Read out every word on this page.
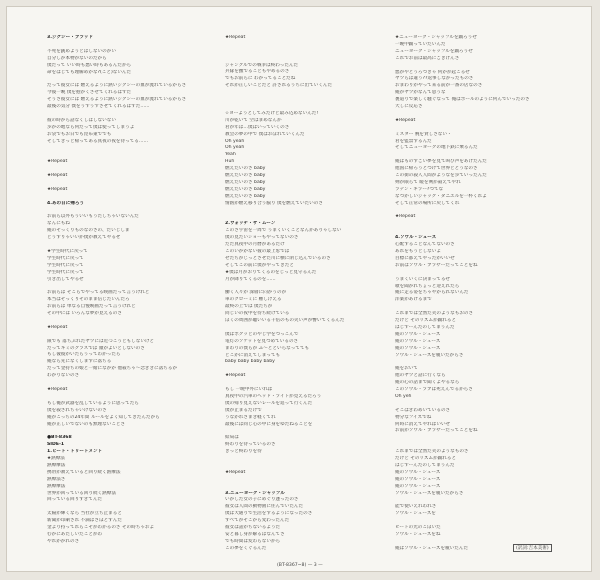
3.ジグシー・ブラッド
不死を銃めようとはしないのかい
自分しか本物がないのだから
僕だって いい時も悪い時もあるんだから
命をはじても理解めかな?(こと)ないんだ
だって彼女には 燃えるように熱いジグシーの血が流れているからさ
今彼一晩 僕を抱かくさせてくれるはずだ
そうさ彼女には 燃えるように熱いジグシーの血が流れているからさ
最後の気分 僕をうずうずさせてくれるはずだ……
彼の時から話なくしはしないない
歩かの地なら何だって僕は使ってしまうよ
お袋でもお日でも昆布東ででも
そしてきっと帰ってある真夜の夜を待ってる……
★Repeat
★Repeat
★Repeat
4.あの日に帰ろう
お前ら以外もういいもうたしちゃいないんだ
なんにもね
俺のそっくりものなのさの、だいじしま
どうすりゃいいか僕が教えてやるぜ
★学生時代に戻って
学生時代に戻って
学生時代に戻って
学生時代に戻って
引き出してやるぜ
お前らは そこらでやってる映画だって言うけれど
本当はそっくりそのまま信じたいんだろ
お前らは 単なる自慢映画だって言うけれど
その中には いろんな夢が見えるのさ
★Repeat
限でも 落ちぶれたヤツには近づこうともしないけど
だってキミのクラスでは 頭がよいとしないのさ
もし彼彼がいたらうってわかったら
俺なら先になくしますに落ちる
だって金持ちの娘と一緒になかか 他殺ちゃ～恋ぎきに落ちるか
わかりないのさ
★Repeat
もし俺が武器を乱しているように思ってたら
僕を殺されちゃいけないのさ
俺がこっちの24年間 ルールをよく知してきたんだから
俺が正しいでないのも無理ないことさ
●BT-8368
SIDE-1
1.ヒート・トリートメント
★熱療法
熱療療法
携帯が教えていると回り続く熱療法
熱療法さ
熱療療法
世界が回っている回り続く熱療法
回っている回りすぎてんだ
太陽が輝くなら 当社が立ち止まると
新聞が印刷され 不満はさほどすんだ
金より持ってれらこそがわかるのさ その時ちゃおよ
むかにあたしいたことがわ
やれかかれのさ
★Repeat
ジャングルでの戦争は終わったんだ
兵隊を撫でることもやめるのさ
でもお前らに わかってることだね
それが正しいことだと 許されるうちに出ていくんだ
☆ヨーようとしてみたけど最み込めないんだ!
川が乾いて 空はまめなんか
君が年は…僕はいっていくのさ
教会の夢の中で 僕はおぼれていくんだ
Oh yeah
Oh yeah
Yeah
Huh
燃えたいのさ baby
燃えたいのさ baby
燃えたいのさ baby
燃えたいのさ baby
燃えたいのさ baby
情熱が燃え移り合う脇り 僕を燃えていたいのさ
2.ウォッチ・ザ・ムーン
このさ宇宙を一周で うまくいくことなんかありゃしない
僕の見たいショーもやってないのさ
ただ真夜中の月暦があるだけ
このいかかない彼の最上窓では
せたちがじっとさせた川に横に閉じ込んでいるのさ
そしてこの前に僕がやってきたと
★僕は月がおりてくるのをじっと見守るんだ
月が降りてくるのを……
働く人々が 深層に向かうのが
車のクローミに 難しげえる
最終の上では 僕たちが
同じいの夜中を待ち続けている
ぼくの周囲が聴いいる千倍のもの笑い声が響いてくるんだ
僕はボクッとのやじ学をつっこんで
電灯のソケットを見つめているのさ
まわりの僕らが ふ～とといらなってても
どこかに消えてしまっても
baby baby baby baby
★Repeat
もし 一晩中外にいれば
真夜中の汽車のヘッド・ライトが見えるだろう
僕の帰り見えないレールを追って行くんだ
僕が止まるだけで
うなかれさまき軽くてれ
最後には同じ心の中に身をゆだねることを
結局は
終わりを待っているのさ
きっと終わりを待
★Repeat
3.ニューヨーク・シャッフル
いかした女の子にめぐり逢ったのさ
彼女は人間の動物園に住んでいたんだ
僕は大通りで生活をするようになったのさ
すべてがそこから変わったんだ
彼女は話がちないるようだ
安と暮し身が解るはなんてさ
でも時間は変わらないから
この夢をくぐるんだ
★ニューヨーク・シャッフルを踊ろうぜ
一晩中踊っていたいんだ
ニューヨーク・シャッフルを踊ろうぜ
これでお前は最高にごきげんさ
悪がやとうろつきゃ 何かが起こるぜ
ヤツらは違う??返事しなかったものさ
おまわりがやって来る前が一番の店なのさ
俺がヤツがなんて思うな
裏道りで楽しく騒ぐなって 俺はボールのように何んでいったのさ
大しに反応さ
★Repeat
ミスター 腕を貸しさない・
君を監禁するんだ
そしてニューヨークの地下鉄に乗るんだ
俺はものすごい夢を見て叫び声をあげたんだ
他国に帰ろうとつけて世界とどうなのさ
この街の殺人人間がようなを歩ていったんだ
剣が限らて 暖を剣が殺えてやれ
ラテン・キラー?つてな
なつかしいジャック・ダニエルを一杯くれよ
そして正常の場所に戻してくれ
★Repeat
4.ソウル・シューズ
心配することなんてないのさ
あれをもうとしないよ
目標に都えてやったがいいぜ
お前はソウル・ブラザーだってことをね
うまくいくに決まってるぜ
歌を聞かれちょっと迎えれたら
俺に走る姿をちゃやかられないんだ
洋楽があけるまで
これまでは全然た笑のようなもおのさ
だけど そのリズムが踊れると
はじずーんたのしてまうんだ
俺のソウル・シューズ
俺のソウル・シューズ
俺のソウル・シューズ
ソウル・シューズを履いたからさ
俺をおいて
他のヤツと話に行くなら
俺の心の話まで聞くよやるなら
このソウル・ラブは死えんでるからさ
Oh yeh
そこはぎわめいているのさ
物分なフイズでね
何時に消えてやればいいぜ
お前がソウル・ブラザーだってことをね
これまでは全然た笑のようなものさ
だけど そのリズムが踊れると
はじずーんたのしてまうんだ
俺のソウル・シューズ
俺のソウル・シューズ
俺のソウル・シューズ
ソウル・シューズを履いたからさ
能で使いえれわれさ
ソウル・シューズを
ビートの光のこぼいた
ソウル・シューズをね
俺はソウル・シューズを履いたんだ	(訳詞:吉本美術)
(BT-8367~8) — 3 —
